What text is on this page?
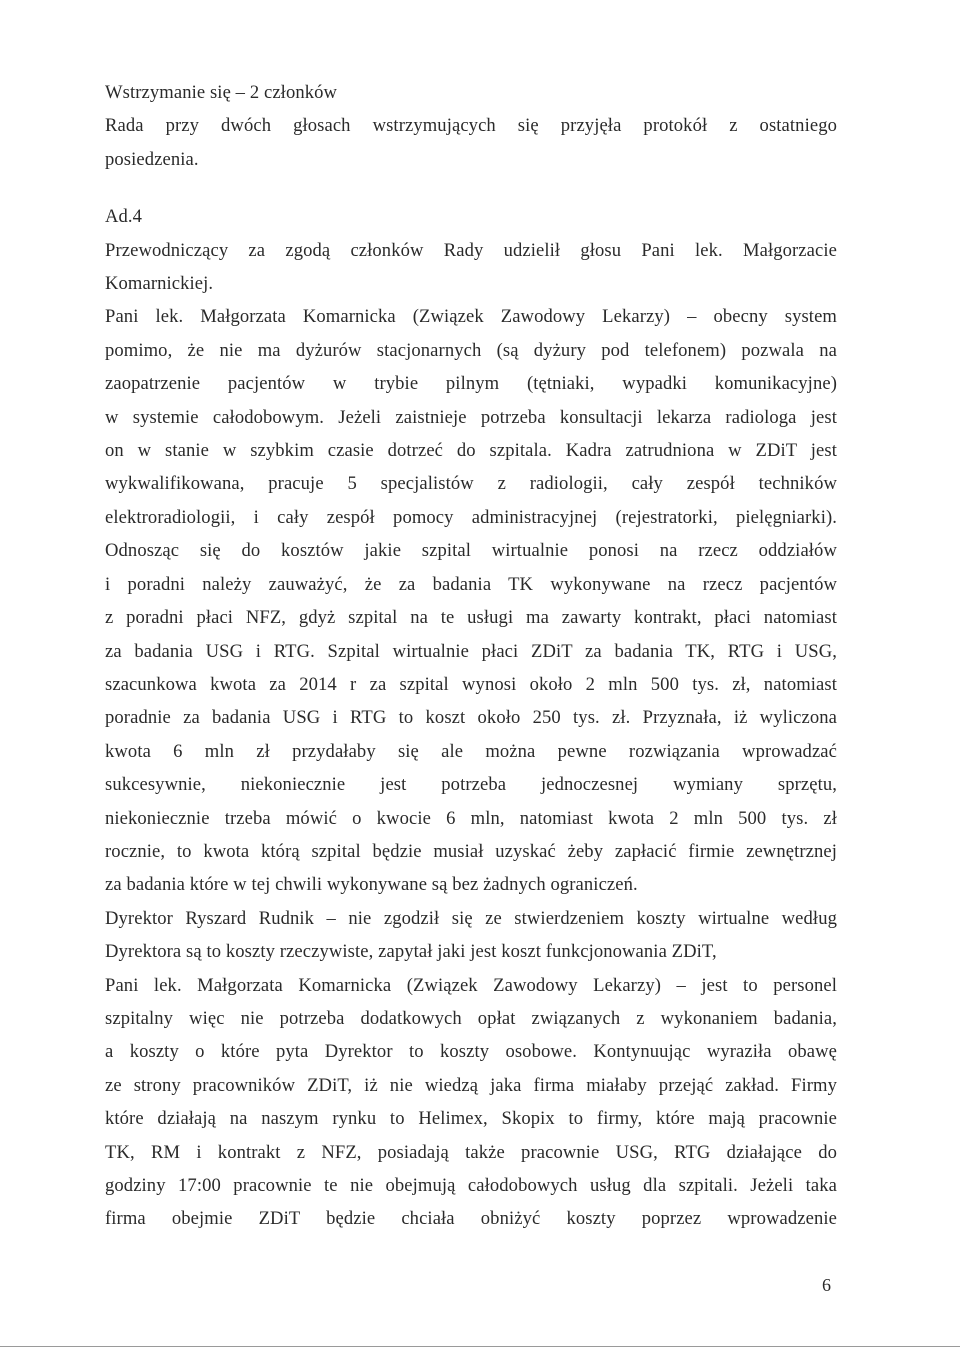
Wstrzymanie się – 2 członków
Rada przy dwóch głosach wstrzymujących się przyjęła protokół z ostatniego
posiedzenia.
Ad.4
Przewodniczący za zgodą członków Rady udzielił głosu Pani lek. Małgorzacie
Komarnickiej.
Pani lek. Małgorzata Komarnicka (Związek Zawodowy Lekarzy) – obecny system
pomimo, że nie ma dyżurów stacjonarnych (są dyżury pod telefonem) pozwala na
zaopatrzenie pacjentów w trybie pilnym (tętniaki, wypadki komunikacyjne)
w systemie całodobowym. Jeżeli zaistnieje potrzeba konsultacji lekarza radiologa jest
on w stanie w szybkim czasie dotrzeć do szpitala. Kadra zatrudniona w ZDiT jest
wykwalifikowana, pracuje 5 specjalistów z radiologii, cały zespół techników
elektroradiologii, i cały zespół pomocy administracyjnej (rejestratorki, pielęgniarki).
Odnosząc się do kosztów jakie szpital wirtualnie ponosi na rzecz oddziałów
i poradni należy zauważyć, że za badania TK wykonywane na rzecz pacjentów
z poradni płaci NFZ, gdyż szpital na te usługi ma zawarty kontrakt, płaci natomiast
za badania USG i RTG. Szpital wirtualnie płaci ZDiT za badania TK, RTG i USG,
szacunkowa kwota za 2014 r za szpital wynosi około 2 mln 500 tys. zł, natomiast
poradnie za badania USG i RTG to koszt około 250 tys. zł. Przyznała, iż wyliczona
kwota 6 mln zł przydałaby się ale można pewne rozwiązania wprowadzać
sukcesywnie, niekoniecznie jest potrzeba jednoczesnej wymiany sprzętu,
niekoniecznie trzeba mówić o kwocie 6 mln, natomiast kwota 2 mln 500 tys. zł
rocznie, to kwota którą szpital będzie musiał uzyskać żeby zapłacić firmie zewnętrznej
za badania które w tej chwili wykonywane są bez żadnych ograniczeń.
Dyrektor Ryszard Rudnik – nie zgodził się ze stwierdzeniem koszty wirtualne według
Dyrektora są to koszty rzeczywiste, zapytał jaki jest koszt funkcjonowania ZDiT,
Pani lek. Małgorzata Komarnicka (Związek Zawodowy Lekarzy) – jest to personel
szpitalny więc nie potrzeba dodatkowych opłat związanych z wykonaniem badania,
a koszty o które pyta Dyrektor to koszty osobowe. Kontynuując wyraziła obawę
ze strony pracowników ZDiT, iż nie wiedzą jaka firma miałaby przejąć zakład. Firmy
które działają na naszym rynku to Helimex, Skopix to firmy, które mają pracownie
TK, RM i kontrakt z NFZ, posiadają także pracownie USG, RTG działające do
godziny 17:00 pracownie te nie obejmują całodobowych usług dla szpitali. Jeżeli taka
firma obejmie ZDiT będzie chciała obniżyć koszty poprzez wprowadzenie
6
